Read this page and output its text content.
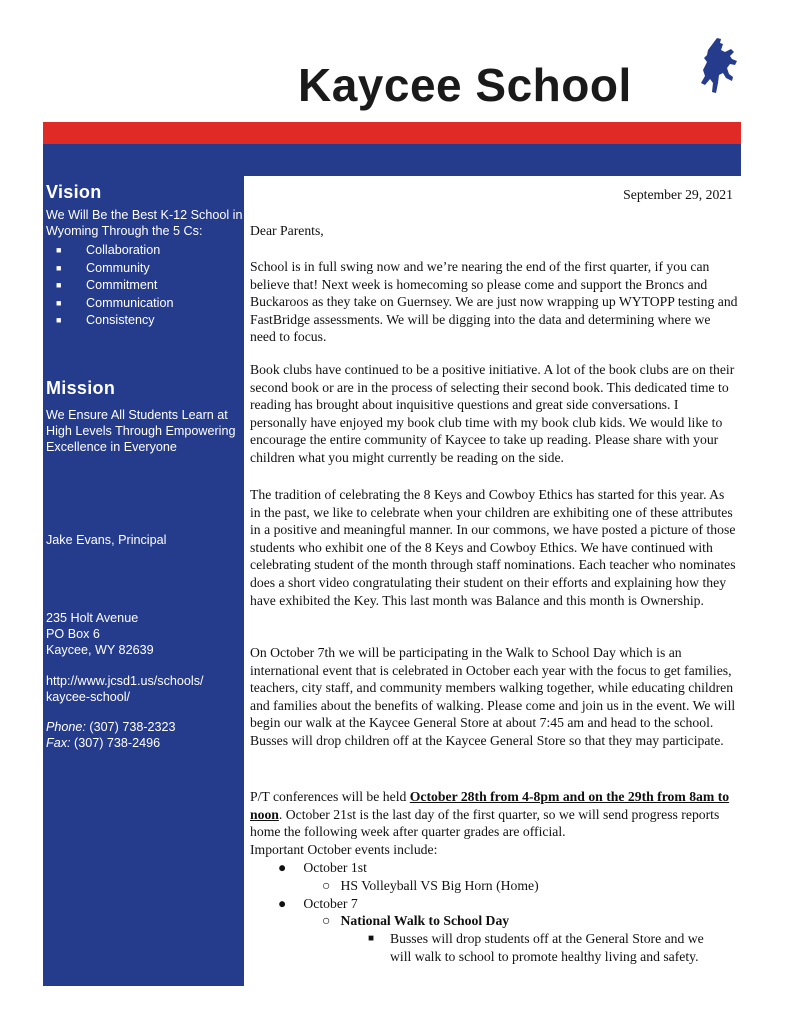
Kaycee School
Vision
We Will Be the Best K-12 School in Wyoming Through the 5 Cs:
■ Collaboration
■ Community
■ Commitment
■ Communication
■ Consistency
Mission
We Ensure All Students Learn at High Levels Through Empowering Excellence in Everyone
Jake Evans, Principal
235 Holt Avenue
PO Box 6
Kaycee, WY 82639
http://www.jcsd1.us/schools/
kaycee-school/
Phone: (307) 738-2323
Fax: (307) 738-2496
September 29, 2021
Dear Parents,
School is in full swing now and we’re nearing the end of the first quarter, if you can believe that! Next week is homecoming so please come and support the Broncs and Buckaroos as they take on Guernsey. We are just now wrapping up WYTOPP testing and FastBridge assessments. We will be digging into the data and determining where we need to focus.
Book clubs have continued to be a positive initiative. A lot of the book clubs are on their second book or are in the process of selecting their second book. This dedicated time to reading has brought about inquisitive questions and great side conversations. I personally have enjoyed my book club time with my book club kids. We would like to encourage the entire community of Kaycee to take up reading. Please share with your children what you might currently be reading on the side.
The tradition of celebrating the 8 Keys and Cowboy Ethics has started for this year. As in the past, we like to celebrate when your children are exhibiting one of these attributes in a positive and meaningful manner. In our commons, we have posted a picture of those students who exhibit one of the 8 Keys and Cowboy Ethics. We have continued with celebrating student of the month through staff nominations. Each teacher who nominates does a short video congratulating their student on their efforts and explaining how they have exhibited the Key. This last month was Balance and this month is Ownership.
On October 7th we will be participating in the Walk to School Day which is an international event that is celebrated in October each year with the focus to get families, teachers, city staff, and community members walking together, while educating children and families about the benefits of walking. Please come and join us in the event. We will begin our walk at the Kaycee General Store at about 7:45 am and head to the school. Busses will drop children off at the Kaycee General Store so that they may participate.
P/T conferences will be held October 28th from 4-8pm and on the 29th from 8am to noon. October 21st is the last day of the first quarter, so we will send progress reports home the following week after quarter grades are official.
Important October events include:
● October 1st
○ HS Volleyball VS Big Horn (Home)
● October 7
○ National Walk to School Day
■ Busses will drop students off at the General Store and we will walk to school to promote healthy living and safety.
